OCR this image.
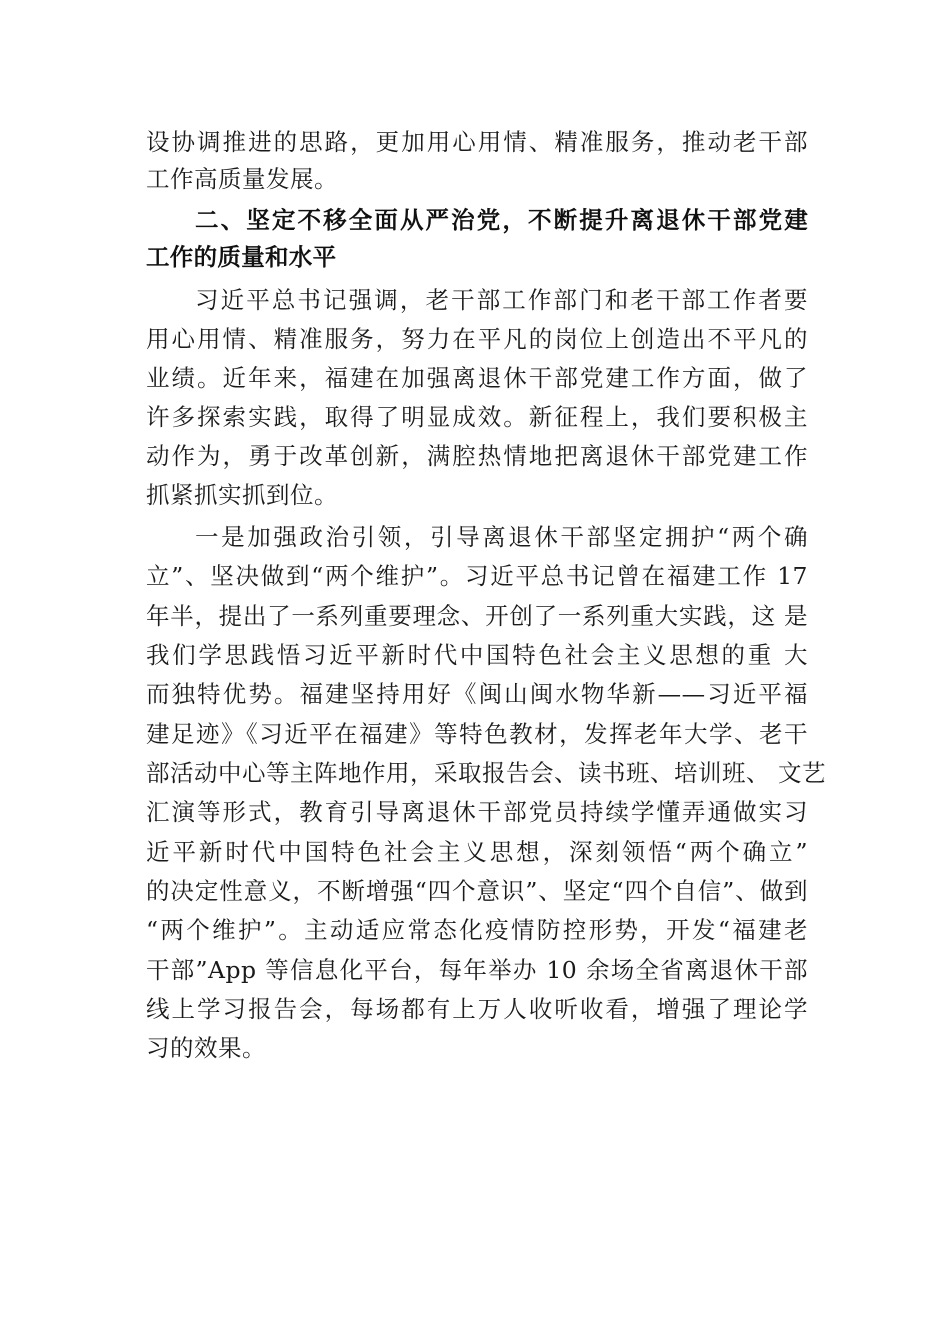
设协调推进的思路，更加用心用情、精准服务，推动老干部
工作高质量发展。
二、坚定不移全面从严治党，不断提升离退休干部党建
工作的质量和水平
习近平总书记强调，老干部工作部门和老干部工作者要
用心用情、精准服务，努力在平凡的岗位上创造出不平凡的
业绩。近年来，福建在加强离退休干部党建工作方面，做了
许多探索实践，取得了明显成效。新征程上，我们要积极主
动作为，勇于改革创新，满腔热情地把离退休干部党建工作
抓紧抓实抓到位。
一是加强政治引领，引导离退休干部坚定拥护“两个确
立”、坚决做到“两个维护”。习近平总书记曾在福建工作 17
年半，提出了一系列重要理念、开创了一系列重大实践，这 是
我们学思践悟习近平新时代中国特色社会主义思想的重 大
而独特优势。福建坚持用好《闽山闽水物华新——习近平福
建足迹》《习近平在福建》等特色教材，发挥老年大学、老干
部活动中心等主阵地作用，采取报告会、读书班、培训班、 文艺
汇演等形式，教育引导离退休干部党员持续学懂弄通做实习
近平新时代中国特色社会主义思想，深刻领悟“两个确立”
的决定性意义，不断增强“四个意识”、坚定“四个自信”、做到
“两个维护”。主动适应常态化疫情防控形势，开发“福建老
干部”App 等信息化平台，每年举办 10 余场全省离退休干部
线上学习报告会，每场都有上万人收听收看，增强了理论学
习的效果。
